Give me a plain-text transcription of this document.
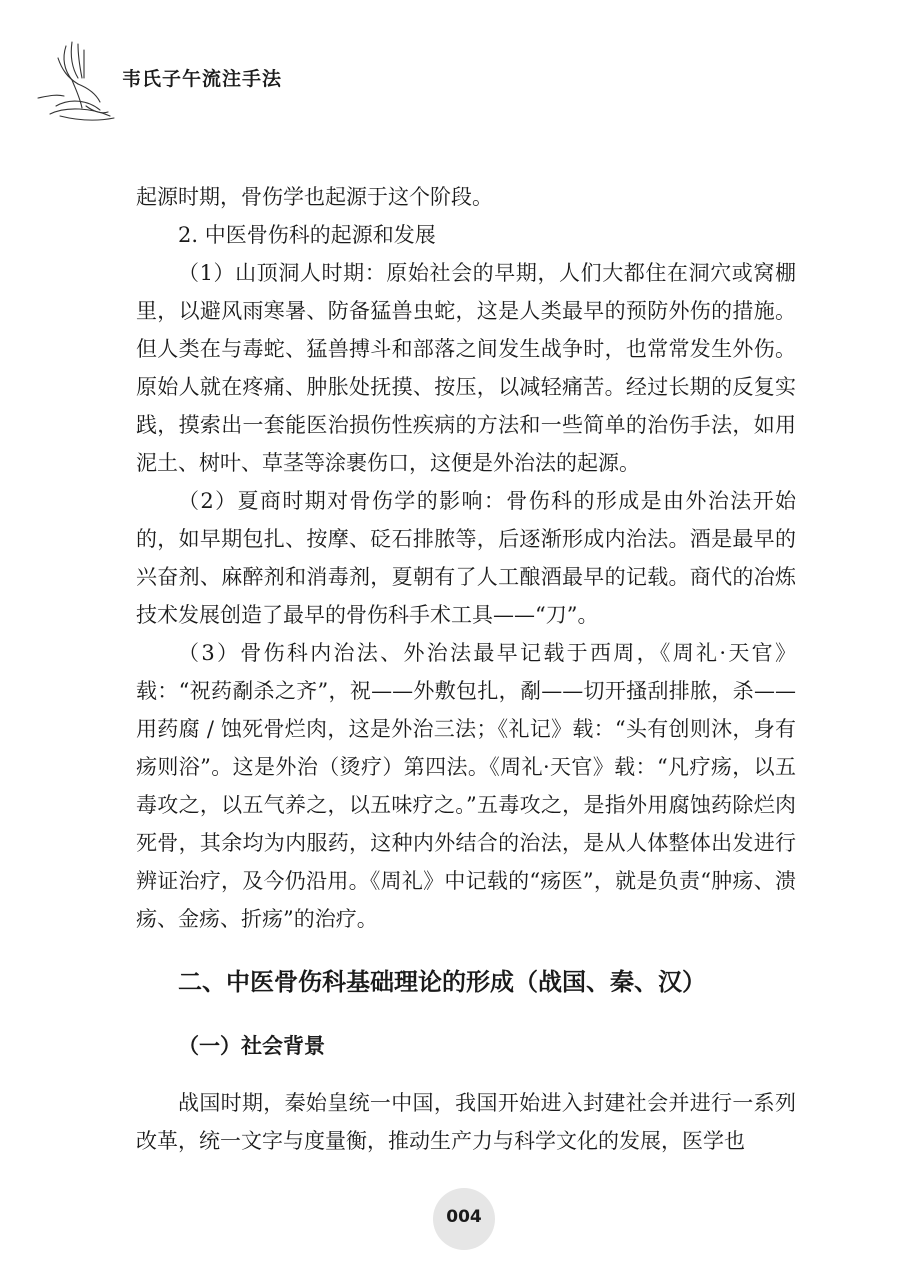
韦氏子午流注手法

起源时期，骨伤学也起源于这个阶段。

2. 中医骨伤科的起源和发展

（1）山顶洞人时期：原始社会的早期，人们大都住在洞穴或窝棚里，以避风雨寒暑、防备猛兽虫蛇，这是人类最早的预防外伤的措施。但人类在与毒蛇、猛兽搏斗和部落之间发生战争时，也常常发生外伤。原始人就在疼痛、肿胀处抚摸、按压，以减轻痛苦。经过长期的反复实践，摸索出一套能医治损伤性疾病的方法和一些简单的治伤手法，如用泥土、树叶、草茎等涂裹伤口，这便是外治法的起源。

（2）夏商时期对骨伤学的影响：骨伤科的形成是由外治法开始的，如早期包扎、按摩、砭石排脓等，后逐渐形成内治法。酒是最早的兴奋剂、麻醉剂和消毒剂，夏朝有了人工酿酒最早的记载。商代的冶炼技术发展创造了最早的骨伤科手术工具——“刀”。

（3）骨伤科内治法、外治法最早记载于西周，《周礼·天官》载：“祝药劀杀之齐”，祝——外敷包扎，劀——切开搔刮排脓，杀——用药腐 / 蚀死骨烂肉，这是外治三法；《礼记》载：“头有创则沐，身有疡则浴”。这是外治（烫疗）第四法。《周礼·天官》载：“凡疗疡，以五毒攻之，以五气养之，以五味疗之。”五毒攻之，是指外用腐蚀药除烂肉死骨，其余均为内服药，这种内外结合的治法，是从人体整体出发进行辨证治疗，及今仍沿用。《周礼》中记载的“疡医”，就是负责“肿疡、溃疡、金疡、折疡”的治疗。

二、中医骨伤科基础理论的形成（战国、秦、汉）
（一）社会背景

战国时期，秦始皇统一中国，我国开始进入封建社会并进行一系列改革，统一文字与度量衡，推动生产力与科学文化的发展，医学也

004
